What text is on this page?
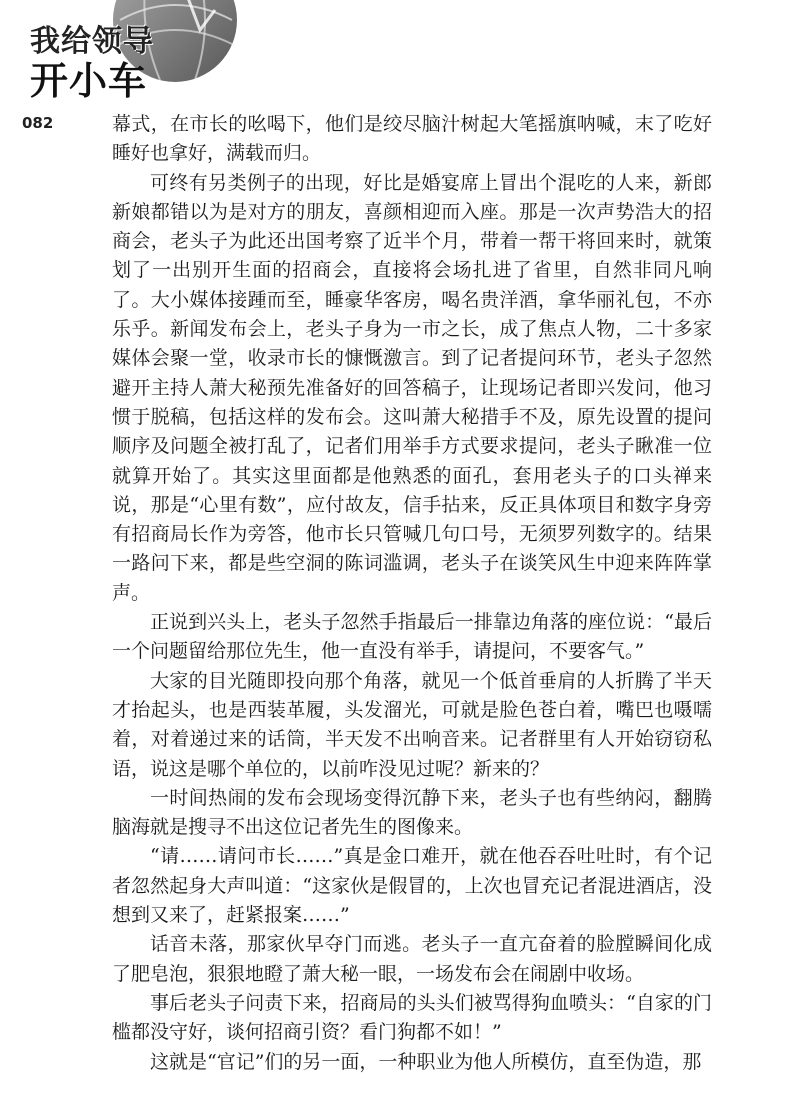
我给领导
开小车
082	幕式，在市长的吆喝下，他们是绞尽脑汁树起大笔摇旗呐喊，末了吃好睡好也拿好，满载而归。

可终有另类例子的出现，好比是婚宴席上冒出个混吃的人来，新郎新娘都错以为是对方的朋友，喜颜相迎而入座。那是一次声势浩大的招商会，老头子为此还出国考察了近半个月，带着一帮干将回来时，就策划了一出别开生面的招商会，直接将会场扎进了省里，自然非同凡响了。大小媒体接踵而至，睡豪华客房，喝名贵洋酒，拿华丽礼包，不亦乐乎。新闻发布会上，老头子身为一市之长，成了焦点人物，二十多家媒体会聚一堂，收录市长的慷慨激言。到了记者提问环节，老头子忽然避开主持人萧大秘预先准备好的回答稿子，让现场记者即兴发问，他习惯于脱稿，包括这样的发布会。这叫萧大秘措手不及，原先设置的提问顺序及问题全被打乱了，记者们用举手方式要求提问，老头子瞅准一位就算开始了。其实这里面都是他熟悉的面孔，套用老头子的口头禅来说，那是“心里有数”，应付故友，信手拈来，反正具体项目和数字身旁有招商局长作为旁答，他市长只管喊几句口号，无须罗列数字的。结果一路问下来，都是些空洞的陈词滥调，老头子在谈笑风生中迎来阵阵掌声。

正说到兴头上，老头子忽然手指最后一排靠边角落的座位说：“最后一个问题留给那位先生，他一直没有举手，请提问，不要客气。”

大家的目光随即投向那个角落，就见一个低首垂肩的人折腾了半天才抬起头，也是西装革履，头发溜光，可就是脸色苍白着，嘴巴也嗫嚅着，对着递过来的话筒，半天发不出响音来。记者群里有人开始窃窃私语，说这是哪个单位的，以前咋没见过呢？新来的？

一时间热闹的发布会现场变得沉静下来，老头子也有些纳闷，翻腾脑海就是搜寻不出这位记者先生的图像来。

“请……请问市长……”真是金口难开，就在他吞吞吐吐时，有个记者忽然起身大声叫道：“这家伙是假冒的，上次也冒充记者混进酒店，没想到又来了，赶紧报案……”

话音未落，那家伙早夺门而逃。老头子一直亢奋着的脸膛瞬间化成了肥皂泡，狠狠地瞪了萧大秘一眼，一场发布会在闹剧中收场。

事后老头子问责下来，招商局的头头们被骂得狗血喷头：“自家的门槛都没守好，谈何招商引资？看门狗都不如！”

这就是“官记”们的另一面，一种职业为他人所模仿，直至伪造，那
